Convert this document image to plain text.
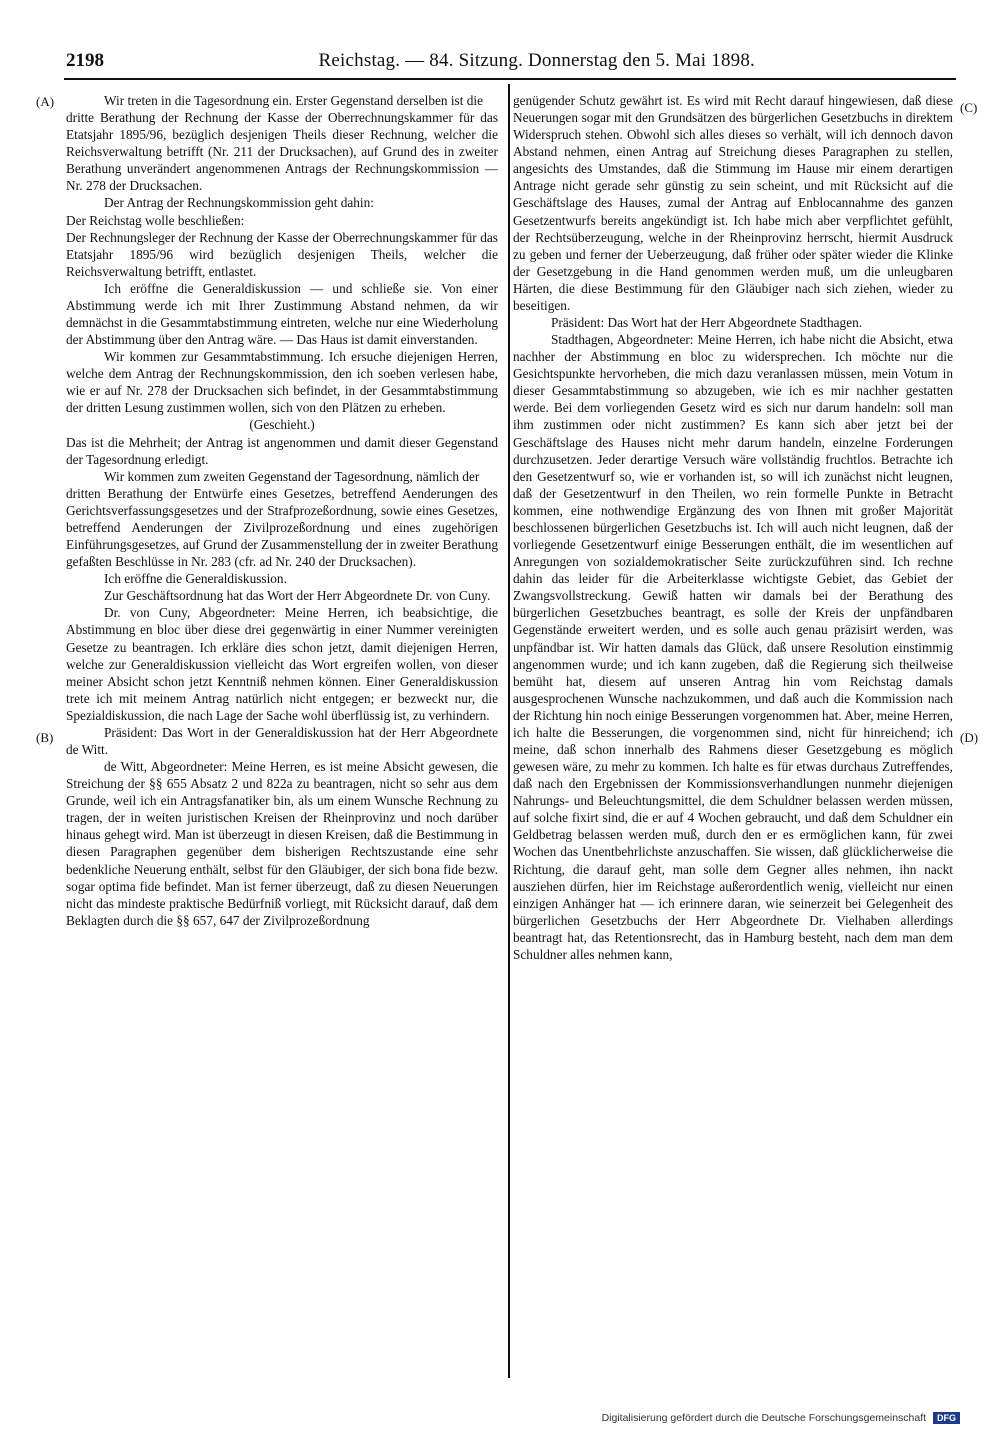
2198	Reichstag. — 84. Sitzung. Donnerstag den 5. Mai 1898.
(A)
(B)
(C)
(D)

Wir treten in die Tagesordnung ein. Erster Gegenstand derselben ist die

dritte Berathung der Rechnung der Kasse der Oberrechnungskammer für das Etatsjahr 1895/96, bezüglich desjenigen Theils dieser Rechnung, welcher die Reichsverwaltung betrifft (Nr. 211 der Drucksachen), auf Grund des in zweiter Berathung unverändert angenommenen Antrags der Rechnungskommission — Nr. 278 der Drucksachen.

Der Antrag der Rechnungskommission geht dahin:

Der Reichstag wolle beschließen:

Der Rechnungsleger der Rechnung der Kasse der Oberrechnungskammer für das Etatsjahr 1895/96 wird bezüglich desjenigen Theils, welcher die Reichsverwaltung betrifft, entlastet.

Ich eröffne die Generaldiskussion — und schließe sie. Von einer Abstimmung werde ich mit Ihrer Zustimmung Abstand nehmen, da wir demnächst in die Gesammtabstimmung eintreten, welche nur eine Wiederholung der Abstimmung über den Antrag wäre. — Das Haus ist damit einverstanden.

Wir kommen zur Gesammtabstimmung. Ich ersuche diejenigen Herren, welche dem Antrag der Rechnungskommission, den ich soeben verlesen habe, wie er auf Nr. 278 der Drucksachen sich befindet, in der Gesammtabstimmung der dritten Lesung zustimmen wollen, sich von den Plätzen zu erheben.

(Geschieht.)

Das ist die Mehrheit; der Antrag ist angenommen und damit dieser Gegenstand der Tagesordnung erledigt.

Wir kommen zum zweiten Gegenstand der Tagesordnung, nämlich der

dritten Berathung der Entwürfe eines Gesetzes, betreffend Aenderungen des Gerichtsverfassungsgesetzes und der Strafprozeßordnung, sowie eines Gesetzes, betreffend Aenderungen der Zivilprozeßordnung und eines zugehörigen Einführungsgesetzes, auf Grund der Zusammenstellung der in zweiter Berathung gefaßten Beschlüsse in Nr. 283 (cfr. ad Nr. 240 der Drucksachen).

Ich eröffne die Generaldiskussion.

Zur Geschäftsordnung hat das Wort der Herr Abgeordnete Dr. von Cuny.

Dr. von Cuny, Abgeordneter: Meine Herren, ich beabsichtige, die Abstimmung en bloc über diese drei gegenwärtig in einer Nummer vereinigten Gesetze zu beantragen. Ich erkläre dies schon jetzt, damit diejenigen Herren, welche zur Generaldiskussion vielleicht das Wort ergreifen wollen, von dieser meiner Absicht schon jetzt Kenntniß nehmen können. Einer Generaldiskussion trete ich mit meinem Antrag natürlich nicht entgegen; er bezweckt nur, die Spezialdiskussion, die nach Lage der Sache wohl überflüssig ist, zu verhindern.

Präsident: Das Wort in der Generaldiskussion hat der Herr Abgeordnete de Witt.

de Witt, Abgeordneter: Meine Herren, es ist meine Absicht gewesen, die Streichung der §§ 655 Absatz 2 und 822a zu beantragen, nicht so sehr aus dem Grunde, weil ich ein Antragsfanatiker bin, als um einem Wunsche Rechnung zu tragen, der in weiten juristischen Kreisen der Rheinprovinz und noch darüber hinaus gehegt wird. Man ist überzeugt in diesen Kreisen, daß die Bestimmung in diesen Paragraphen gegenüber dem bisherigen Rechtszustande eine sehr bedenkliche Neuerung enthält, selbst für den Gläubiger, der sich bona fide bezw. sogar optima fide befindet. Man ist ferner überzeugt, daß zu diesen Neuerungen nicht das mindeste praktische Bedürfniß vorliegt, mit Rücksicht darauf, daß dem Beklagten durch die §§ 657, 647 der Zivilprozeßordnung

genügender Schutz gewährt ist. Es wird mit Recht darauf hingewiesen, daß diese Neuerungen sogar mit den Grundsätzen des bürgerlichen Gesetzbuchs in direktem Widerspruch stehen. Obwohl sich alles dieses so verhält, will ich dennoch davon Abstand nehmen, einen Antrag auf Streichung dieses Paragraphen zu stellen, angesichts des Umstandes, daß die Stimmung im Hause mir einem derartigen Antrage nicht gerade sehr günstig zu sein scheint, und mit Rücksicht auf die Geschäftslage des Hauses, zumal der Antrag auf Enblocannahme des ganzen Gesetzentwurfs bereits angekündigt ist. Ich habe mich aber verpflichtet gefühlt, der Rechtsüberzeugung, welche in der Rheinprovinz herrscht, hiermit Ausdruck zu geben und ferner der Ueberzeugung, daß früher oder später wieder die Klinke der Gesetzgebung in die Hand genommen werden muß, um die unleugbaren Härten, die diese Bestimmung für den Gläubiger nach sich ziehen, wieder zu beseitigen.

Präsident: Das Wort hat der Herr Abgeordnete Stadthagen.

Stadthagen, Abgeordneter: Meine Herren, ich habe nicht die Absicht, etwa nachher der Abstimmung en bloc zu widersprechen. Ich möchte nur die Gesichtspunkte hervorheben, die mich dazu veranlassen müssen, mein Votum in dieser Gesammtabstimmung so abzugeben, wie ich es mir nachher gestatten werde. Bei dem vorliegenden Gesetz wird es sich nur darum handeln: soll man ihm zustimmen oder nicht zustimmen? Es kann sich aber jetzt bei der Geschäftslage des Hauses nicht mehr darum handeln, einzelne Forderungen durchzusetzen. Jeder derartige Versuch wäre vollständig fruchtlos. Betrachte ich den Gesetzentwurf so, wie er vorhanden ist, so will ich zunächst nicht leugnen, daß der Gesetzentwurf in den Theilen, wo rein formelle Punkte in Betracht kommen, eine nothwendige Ergänzung des von Ihnen mit großer Majorität beschlossenen bürgerlichen Gesetzbuchs ist. Ich will auch nicht leugnen, daß der vorliegende Gesetzentwurf einige Besserungen enthält, die im wesentlichen auf Anregungen von sozialdemokratischer Seite zurückzuführen sind. Ich rechne dahin das leider für die Arbeiterklasse wichtigste Gebiet, das Gebiet der Zwangsvollstreckung. Gewiß hatten wir damals bei der Berathung des bürgerlichen Gesetzbuches beantragt, es solle der Kreis der unpfändbaren Gegenstände erweitert werden, und es solle auch genau präzisirt werden, was unpfändbar ist. Wir hatten damals das Glück, daß unsere Resolution einstimmig angenommen wurde; und ich kann zugeben, daß die Regierung sich theilweise bemüht hat, diesem auf unseren Antrag hin vom Reichstag damals ausgesprochenen Wunsche nachzukommen, und daß auch die Kommission nach der Richtung hin noch einige Besserungen vorgenommen hat. Aber, meine Herren, ich halte die Besserungen, die vorgenommen sind, nicht für hinreichend; ich meine, daß schon innerhalb des Rahmens dieser Gesetzgebung es möglich gewesen wäre, zu mehr zu kommen. Ich halte es für etwas durchaus Zutreffendes, daß nach den Ergebnissen der Kommissionsverhandlungen nunmehr diejenigen Nahrungs- und Beleuchtungsmittel, die dem Schuldner belassen werden müssen, auf solche fixirt sind, die er auf 4 Wochen gebraucht, und daß dem Schuldner ein Geldbetrag belassen werden muß, durch den er es ermöglichen kann, für zwei Wochen das Unentbehrlichste anzuschaffen. Sie wissen, daß glücklicherweise die Richtung, die darauf geht, man solle dem Gegner alles nehmen, ihn nackt ausziehen dürfen, hier im Reichstage außerordentlich wenig, vielleicht nur einen einzigen Anhänger hat — ich erinnere daran, wie seinerzeit bei Gelegenheit des bürgerlichen Gesetzbuchs der Herr Abgeordnete Dr. Vielhaben allerdings beantragt hat, das Retentionsrecht, das in Hamburg besteht, nach dem man dem Schuldner alles nehmen kann,

Digitalisierung gefördert durch die Deutsche Forschungsgemeinschaft DFG
